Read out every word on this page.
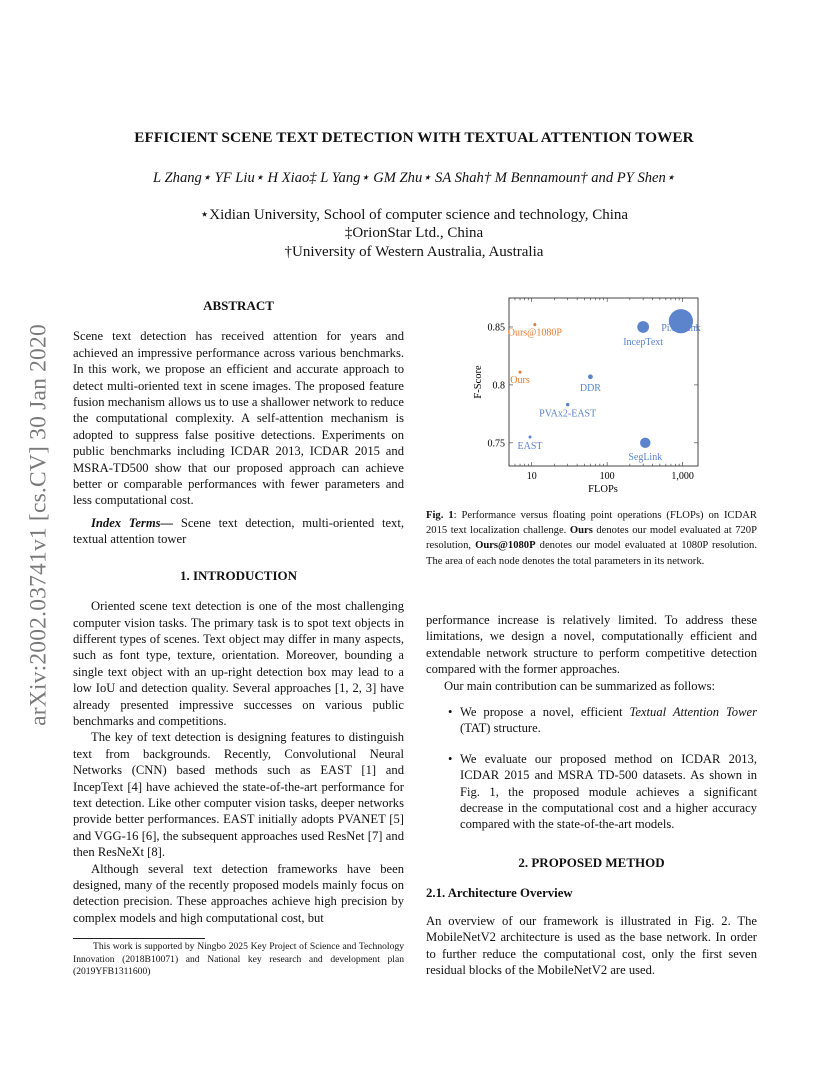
arXiv:2002.03741v1 [cs.CV] 30 Jan 2020
EFFICIENT SCENE TEXT DETECTION WITH TEXTUAL ATTENTION TOWER
L Zhang⋆ YF Liu⋆ H Xiao‡ L Yang⋆ GM Zhu⋆ SA Shah† M Bennamoun† and PY Shen⋆
⋆Xidian University, School of computer science and technology, China
‡OrionStar Ltd., China
†University of Western Australia, Australia
ABSTRACT

Scene text detection has received attention for years and achieved an impressive performance across various benchmarks. In this work, we propose an efficient and accurate approach to detect multi-oriented text in scene images. The proposed feature fusion mechanism allows us to use a shallower network to reduce the computational complexity. A self-attention mechanism is adopted to suppress false positive detections. Experiments on public benchmarks including ICDAR 2013, ICDAR 2015 and MSRA-TD500 show that our proposed approach can achieve better or comparable performances with fewer parameters and less computational cost.

Index Terms— Scene text detection, multi-oriented text, textual attention tower

1. INTRODUCTION

Oriented scene text detection is one of the most challenging computer vision tasks. The primary task is to spot text objects in different types of scenes. Text object may differ in many aspects, such as font type, texture, orientation. Moreover, bounding a single text object with an up-right detection box may lead to a low IoU and detection quality. Several approaches [1, 2, 3] have already presented impressive successes on various public benchmarks and competitions.

The key of text detection is designing features to distinguish text from backgrounds. Recently, Convolutional Neural Networks (CNN) based methods such as EAST [1] and IncepText [4] have achieved the state-of-the-art performance for text detection. Like other computer vision tasks, deeper networks provide better performances. EAST initially adopts PVANET [5] and VGG-16 [6], the subsequent approaches used ResNet [7] and then ResNeXt [8].

Although several text detection frameworks have been designed, many of the recently proposed models mainly focus on detection precision. These approaches achieve high precision by complex models and high computational cost, but

This work is supported by Ningbo 2025 Key Project of Science and Technology Innovation (2018B10071) and National key research and development plan (2019YFB1311600)
10	100	1,000
0.75
0.8
0.85 Ours@1080P
Ours
DDR
PVAx2-EAST
EAST
IncepText
PixelLink
SegLink
FLOPs
F-Score
Fig. 1: Performance versus floating point operations (FLOPs) on ICDAR 2015 text localization challenge. Ours denotes our model evaluated at 720P resolution, Ours@1080P denotes our model evaluated at 1080P resolution. The area of each node denotes the total parameters in its network.

performance increase is relatively limited. To address these limitations, we design a novel, computationally efficient and extendable network structure to perform competitive detection compared with the former approaches.

Our main contribution can be summarized as follows:

• We propose a novel, efficient Textual Attention Tower (TAT) structure.
• We evaluate our proposed method on ICDAR 2013, ICDAR 2015 and MSRA TD-500 datasets. As shown in Fig. 1, the proposed module achieves a significant decrease in the computational cost and a higher accuracy compared with the state-of-the-art models.
2. PROPOSED METHOD
2.1. Architecture Overview

An overview of our framework is illustrated in Fig. 2. The MobileNetV2 architecture is used as the base network. In order to further reduce the computational cost, only the first seven residual blocks of the MobileNetV2 are used.
